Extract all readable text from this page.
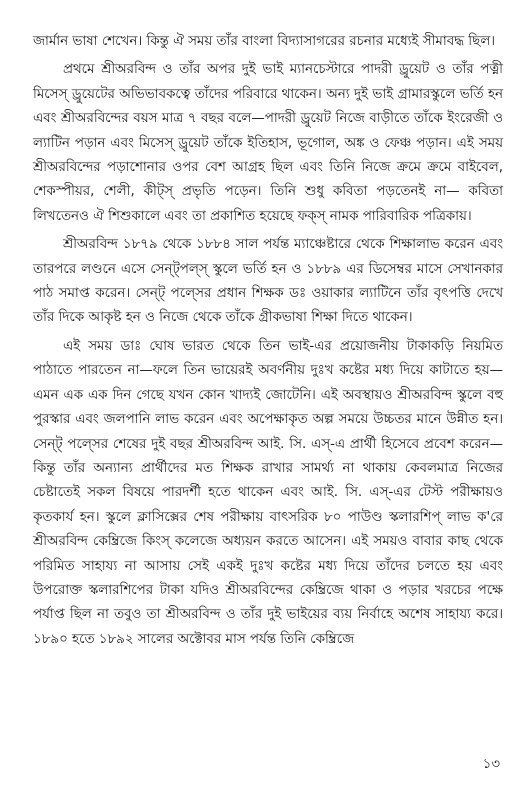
জার্মান ভাষা শেখেন। কিন্তু ঐ সময় তাঁর বাংলা বিদ্যাসাগরের রচনার মধ্যেই সীমাবদ্ধ ছিল।

প্রথমে শ্রীঅরবিন্দ ও তাঁর অপর দুই ভাই ম্যানচেস্টারে পাদরী ড্রুয়েট ও তাঁর পত্নী মিসেস্ ড্রুয়েটের অভিভাবকত্বে তাঁদের পরিবারে থাকেন। অন্য দুই ভাই গ্রামারস্কুলে ভর্তি হন এবং শ্রীঅরবিন্দের বয়স মাত্র ৭ বছর বলে—পাদরী ড্রুয়েট নিজে বাড়ীতে তাঁকে ইংরেজী ও ল্যাটিন পড়ান এবং মিসেস্ ড্রুয়েট তাঁকে ইতিহাস, ভূগোল, অঙ্ক ও ফেঞ্চ পড়ান। এই সময় শ্রীঅরবিন্দের পড়াশোনার ওপর বেশ আগ্রহ ছিল এবং তিনি নিজে ক্রমে ক্রমে বাইবেল, শেকস্পীয়র, শেলী, কীট্স্ প্রভৃতি পড়েন। তিনি শুধু কবিতা পড়তেনই না— কবিতা লিখতেনও ঐ শিশুকালে এবং তা প্রকাশিত হয়েছে ফক্স্ নামক পারিবারিক পত্রিকায়।

শ্রীঅরবিন্দ ১৮৭৯ থেকে ১৮৮৪ সাল পর্যন্ত ম্যাঞ্চেষ্টারে থেকে শিক্ষালাভ করেন এবং তারপরে লণ্ডনে এসে সেন্ট্পল্স্ স্কুলে ভর্তি হন ও ১৮৮৯ এর ডিসেম্বর মাসে সেখানকার পাঠ সমাপ্ত করেন। সেন্ট্ পল্সের প্রধান শিক্ষক ডঃ ওয়াকার ল্যাটিনে তাঁর বৃৎপত্তি দেখে তাঁর দিকে আকৃষ্ট হন ও নিজে থেকে তাঁকে গ্রীকভাষা শিক্ষা দিতে থাকেন।

এই সময় ডাঃ ঘোষ ভারত থেকে তিন ভাই-এর প্রয়োজনীয় টাকাকড়ি নিয়মিত পাঠাতে পারতেন না—ফলে তিন ভায়েরই অবর্ণনীয় দুঃখ কষ্টের মধ্য দিয়ে কাটাতে হয়—এমন এক এক দিন গেছে যখন কোন খাদ্যই জোটেনি। এই অবস্থায়ও শ্রীঅরবিন্দ স্কুলে বহু পুরস্কার এবং জলপানি লাভ করেন এবং অপেক্ষাকৃত অল্প সময়ে উচ্চতর মানে উন্নীত হন। সেন্ট্ পল্সের শেষের দুই বছর শ্রীঅরবিন্দ আই. সি. এস্-এ প্রার্থী হিসেবে প্রবেশ করেন—কিন্তু তাঁর অন্যান্য প্রার্থীদের মত শিক্ষক রাখার সামর্থ্য না থাকায় কেবলমাত্র নিজের চেষ্টাতেই সকল বিষয়ে পারদর্শী হতে থাকেন এবং আই. সি. এস্-এর টেস্ট পরীক্ষায়ও কৃতকার্য হন। স্কুলে ক্লাসিক্সের শেষ পরীক্ষায় বাৎসরিক ৮০ পাউণ্ড স্কলারশিপ্ লাভ ক'রে শ্রীঅরবিন্দ কেম্ব্রিজে কিংস্ কলেজে অধ্যয়ন করতে আসেন। এই সময়ও বাবার কাছ থেকে পরিমিত সাহায্য না আসায় সেই একই দুঃখ কষ্টের মধ্য দিয়ে তাঁদের চলতে হয় এবং উপরোক্ত স্কলারশিপের টাকা যদিও শ্রীঅরবিন্দের কেম্ব্রিজে থাকা ও পড়ার খরচের পক্ষে পর্যাপ্ত ছিল না তবুও তা শ্রীঅরবিন্দ ও তাঁর দুই ভাইয়ের ব্যয় নির্বাহে অশেষ সাহায্য করে। ১৮৯০ হতে ১৮৯২ সালের অক্টোবর মাস পর্যন্ত তিনি কেম্ব্রিজে

১৩
